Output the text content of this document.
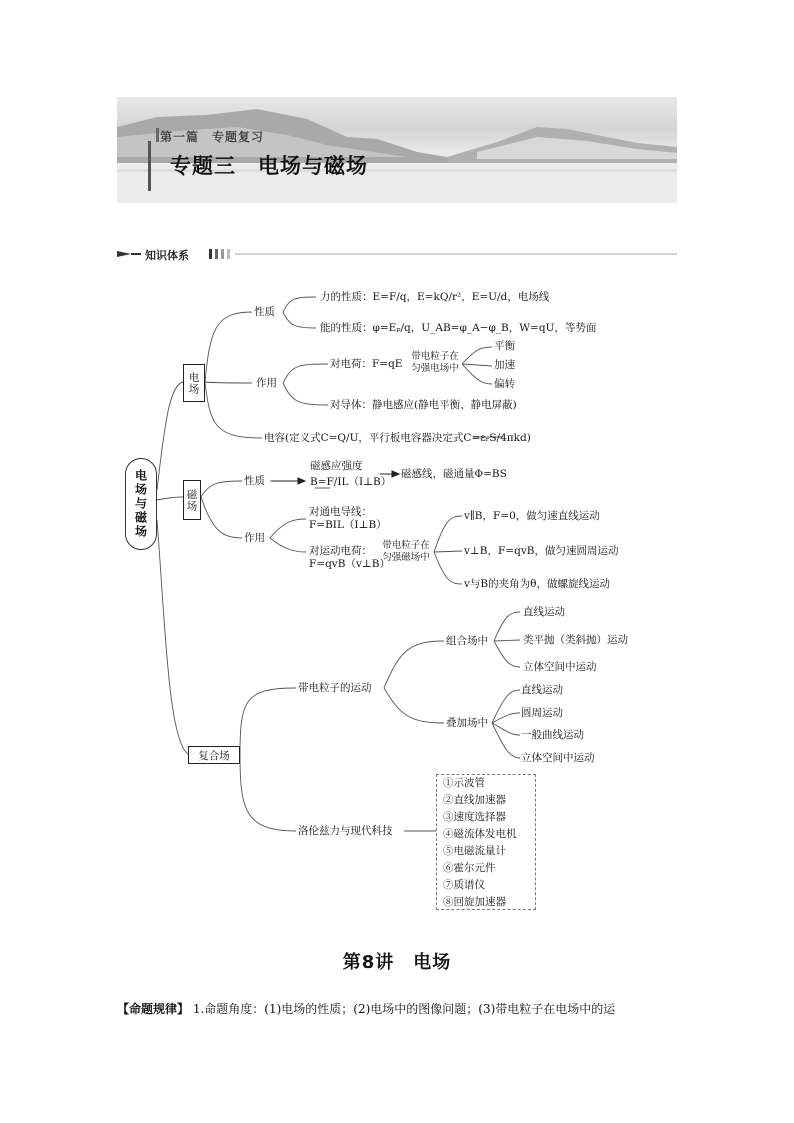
第一篇　专题复习
专题三　电场与磁场
知识体系
电场与磁场
电场
性质
力的性质：E=F/q，E=kQ/r²，E=U/d，电场线
能的性质：φ=Eₚ/q，U_AB=φ_A−φ_B，W=qU，等势面
作用
对电荷：F=qE
带电粒子在匀强电场中
平衡
加速
偏转
对导体：静电感应(静电平衡、静电屏蔽)
电容(定义式C=Q/U，平行板电容器决定式C=εᵣS/4πkd)
磁场
性质
磁感应强度
B=F/IL（I⊥B）
磁感线，磁通量Φ=BS
作用
对通电导线：
F=BIL（I⊥B）
对运动电荷：
F=qvB（v⊥B）
带电粒子在匀强磁场中
v∥B，F=0，做匀速直线运动
v⊥B，F=qvB，做匀速圆周运动
v与B的夹角为θ，做螺旋线运动
复合场
带电粒子的运动
组合场中
直线运动
类平抛（类斜抛）运动
立体空间中运动
叠加场中
直线运动
圆周运动
一般曲线运动
立体空间中运动
洛伦兹力与现代科技
①示波管
②直线加速器
③速度选择器
④磁流体发电机
⑤电磁流量计
⑥霍尔元件
⑦质谱仪
⑧回旋加速器
第8讲　电场
【命题规律】 1.命题角度：(1)电场的性质；(2)电场中的图像问题；(3)带电粒子在电场中的运
